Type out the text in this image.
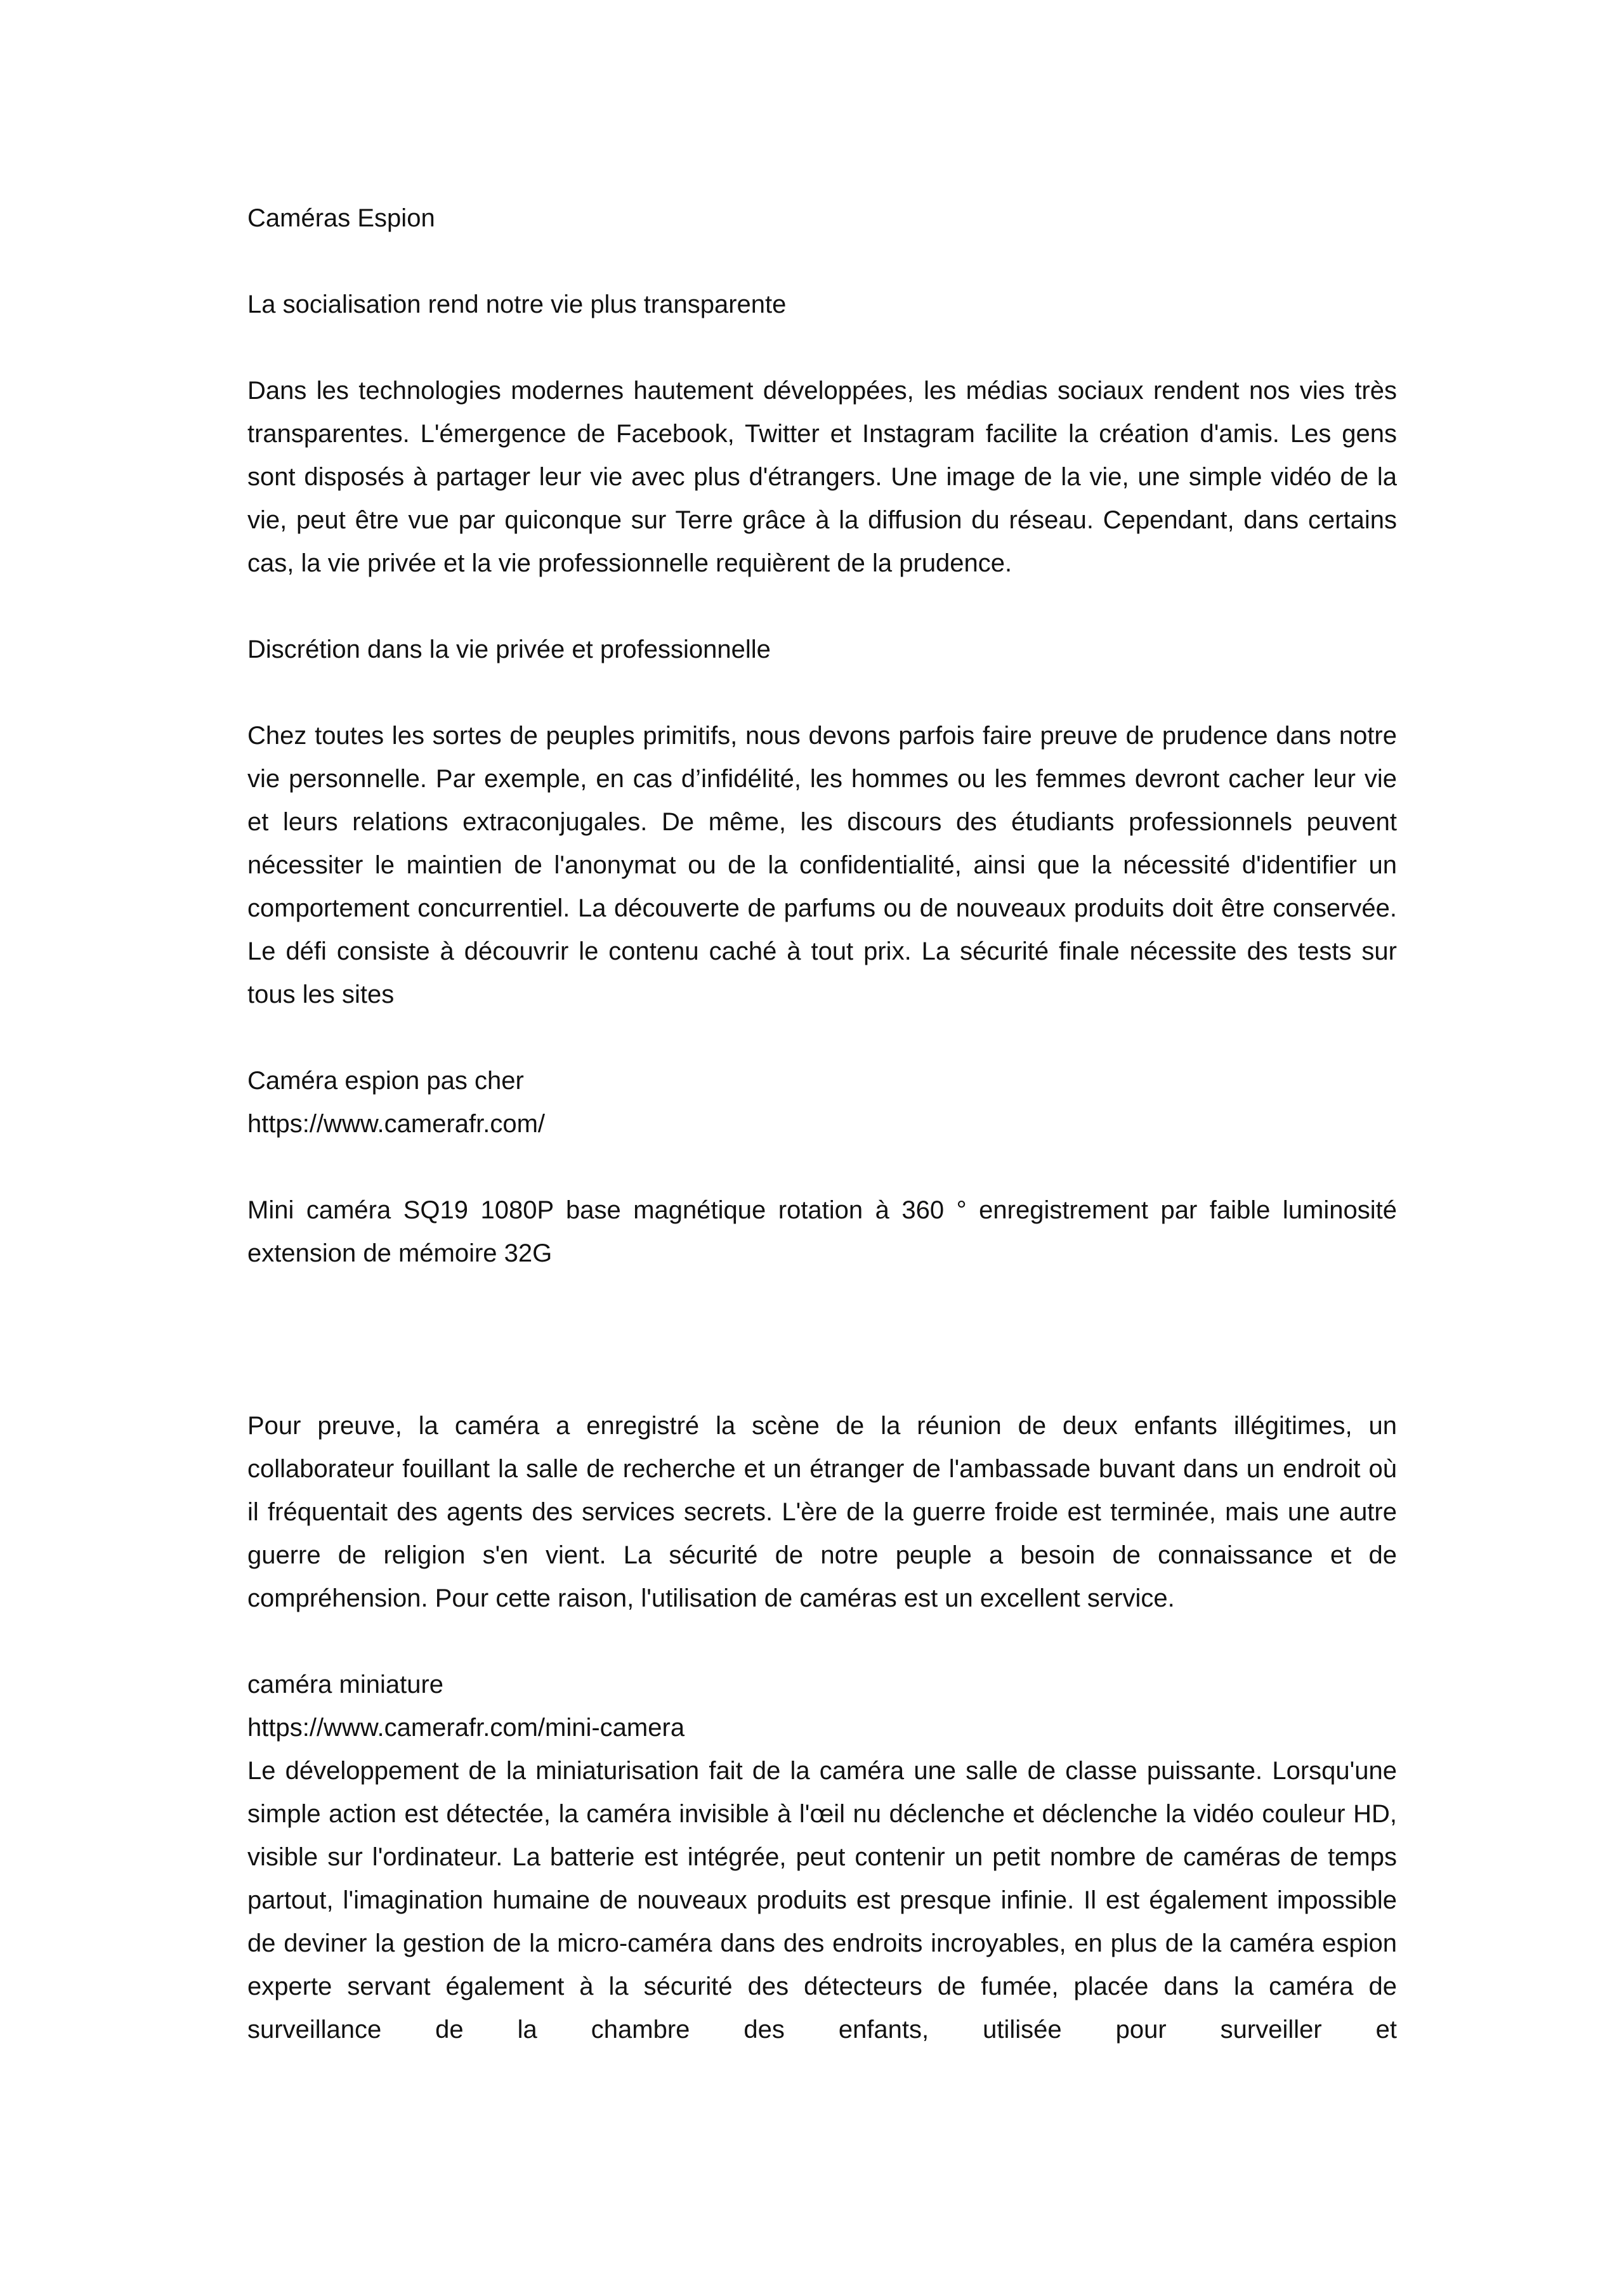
Caméras Espion

La socialisation rend notre vie plus transparente

Dans les technologies modernes hautement développées, les médias sociaux rendent nos vies très transparentes. L'émergence de Facebook, Twitter et Instagram facilite la création d'amis. Les gens sont disposés à partager leur vie avec plus d'étrangers. Une image de la vie, une simple vidéo de la vie, peut être vue par quiconque sur Terre grâce à la diffusion du réseau. Cependant, dans certains cas, la vie privée et la vie professionnelle requièrent de la prudence.

Discrétion dans la vie privée et professionnelle

Chez toutes les sortes de peuples primitifs, nous devons parfois faire preuve de prudence dans notre vie personnelle. Par exemple, en cas d’infidélité, les hommes ou les femmes devront cacher leur vie et leurs relations extraconjugales. De même, les discours des étudiants professionnels peuvent nécessiter le maintien de l'anonymat ou de la confidentialité, ainsi que la nécessité d'identifier un comportement concurrentiel. La découverte de parfums ou de nouveaux produits doit être conservée. Le défi consiste à découvrir le contenu caché à tout prix. La sécurité finale nécessite des tests sur tous les sites

Caméra espion pas cher

https://www.camerafr.com/

Mini caméra SQ19 1080P base magnétique rotation à 360 ° enregistrement par faible luminosité extension de mémoire 32G

Pour preuve, la caméra a enregistré la scène de la réunion de deux enfants illégitimes, un collaborateur fouillant la salle de recherche et un étranger de l'ambassade buvant dans un endroit où il fréquentait des agents des services secrets. L'ère de la guerre froide est terminée, mais une autre guerre de religion s'en vient. La sécurité de notre peuple a besoin de connaissance et de compréhension. Pour cette raison, l'utilisation de caméras est un excellent service.

caméra miniature

https://www.camerafr.com/mini-camera

Le développement de la miniaturisation fait de la caméra une salle de classe puissante. Lorsqu'une simple action est détectée, la caméra invisible à l'œil nu déclenche et déclenche la vidéo couleur HD, visible sur l'ordinateur. La batterie est intégrée, peut contenir un petit nombre de caméras de temps partout, l'imagination humaine de nouveaux produits est presque infinie. Il est également impossible de deviner la gestion de la micro-caméra dans des endroits incroyables, en plus de la caméra espion experte servant également à la sécurité des détecteurs de fumée, placée dans la caméra de surveillance de la chambre des enfants, utilisée pour surveiller et
